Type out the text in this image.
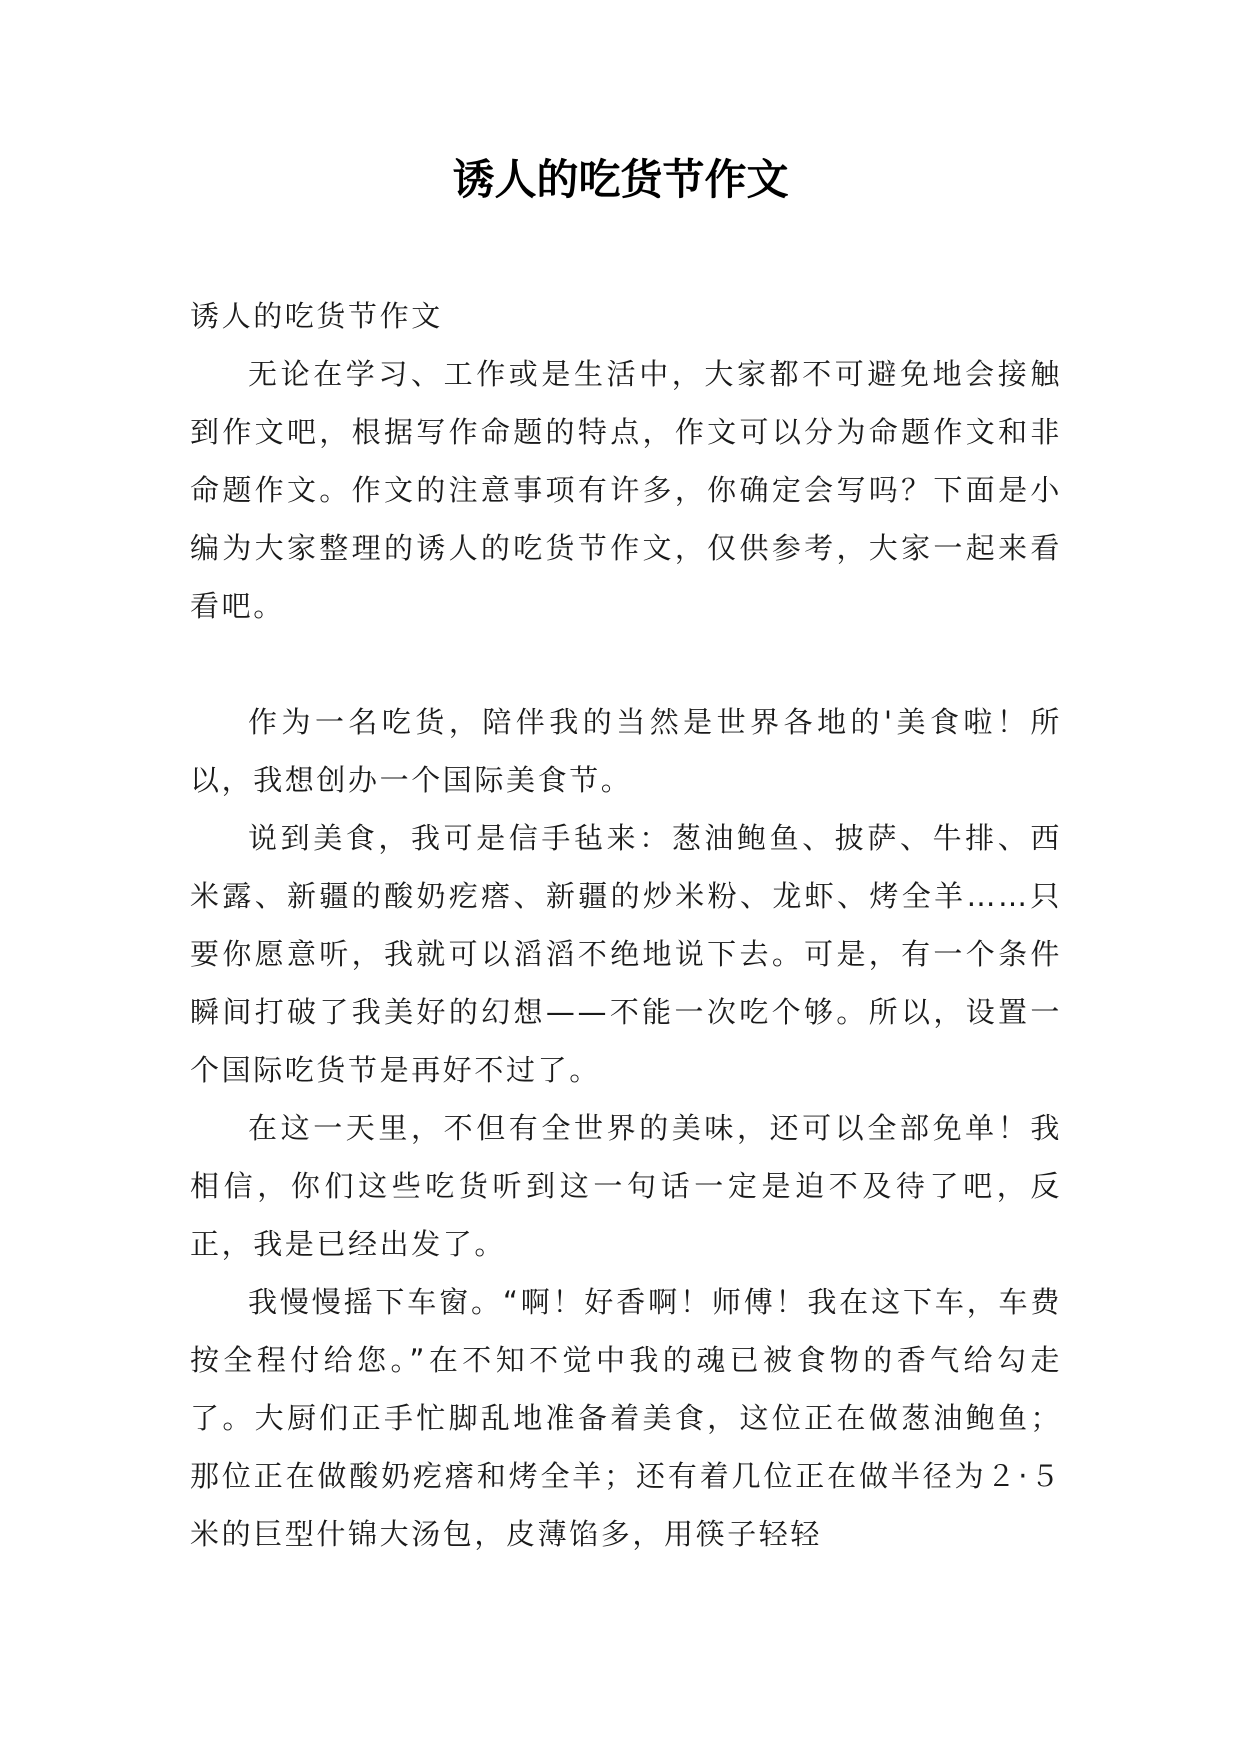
诱人的吃货节作文

诱人的吃货节作文

无论在学习、工作或是生活中，大家都不可避免地会接触到作文吧，根据写作命题的特点，作文可以分为命题作文和非命题作文。作文的注意事项有许多，你确定会写吗？下面是小编为大家整理的诱人的吃货节作文，仅供参考，大家一起来看看吧。

作为一名吃货，陪伴我的当然是世界各地的'美食啦！所以，我想创办一个国际美食节。

说到美食，我可是信手毡来：葱油鲍鱼、披萨、牛排、西米露、新疆的酸奶疙瘩、新疆的炒米粉、龙虾、烤全羊……只要你愿意听，我就可以滔滔不绝地说下去。可是，有一个条件瞬间打破了我美好的幻想——不能一次吃个够。所以，设置一个国际吃货节是再好不过了。

在这一天里，不但有全世界的美味，还可以全部免单！我相信，你们这些吃货听到这一句话一定是迫不及待了吧，反正，我是已经出发了。

我慢慢摇下车窗。“啊！好香啊！师傅！我在这下车，车费按全程付给您。”在不知不觉中我的魂已被食物的香气给勾走了。大厨们正手忙脚乱地准备着美食，这位正在做葱油鲍鱼；那位正在做酸奶疙瘩和烤全羊；还有着几位正在做半径为２·５米的巨型什锦大汤包，皮薄馅多，用筷子轻轻
